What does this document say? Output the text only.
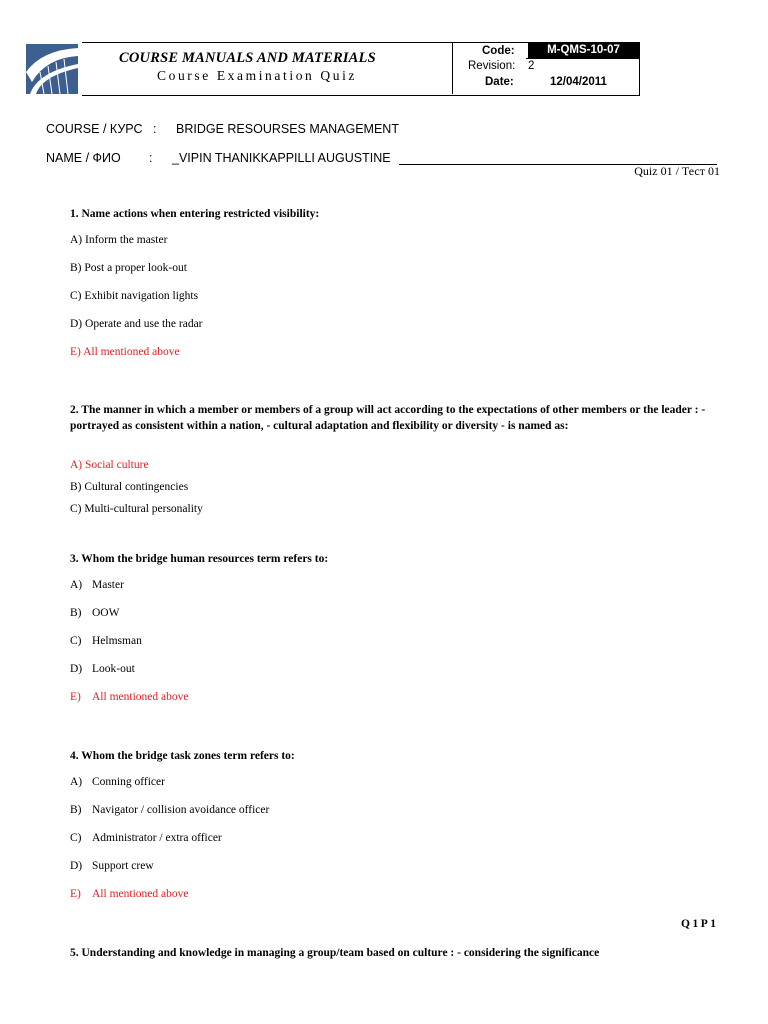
COURSE MANUALS AND MATERIALS
Course Examination Quiz
Code:	M-QMS-10-07
Revision: 2
Date:	12/04/2011
COURSE / КУРС : BRIDGE RESOURSES MANAGEMENT
NAME / ФИО : _VIPIN THANIKKAPPILLI AUGUSTINE
Quiz 01 / Тест 01
1. Name actions when entering restricted visibility:
A) Inform the master
B) Post a proper look-out
C) Exhibit navigation lights
D) Operate and use the radar
E) All mentioned above
2. The manner in which a member or members of a group will act according to the expectations of other members or the leader : - portrayed as consistent within a nation, - cultural adaptation and flexibility or diversity - is named as:
A) Social culture
B) Cultural contingencies
C) Multi-cultural personality
3. Whom the bridge human resources term refers to:
A) Master
B) OOW
C) Helmsman
D) Look-out
E) All mentioned above
4. Whom the bridge task zones term refers to:
A) Conning officer
B) Navigator / collision avoidance officer
C) Administrator / extra officer
D) Support crew
E) All mentioned above
Q1P1
5. Understanding and knowledge in managing a group/team based on culture : - considering the significance
